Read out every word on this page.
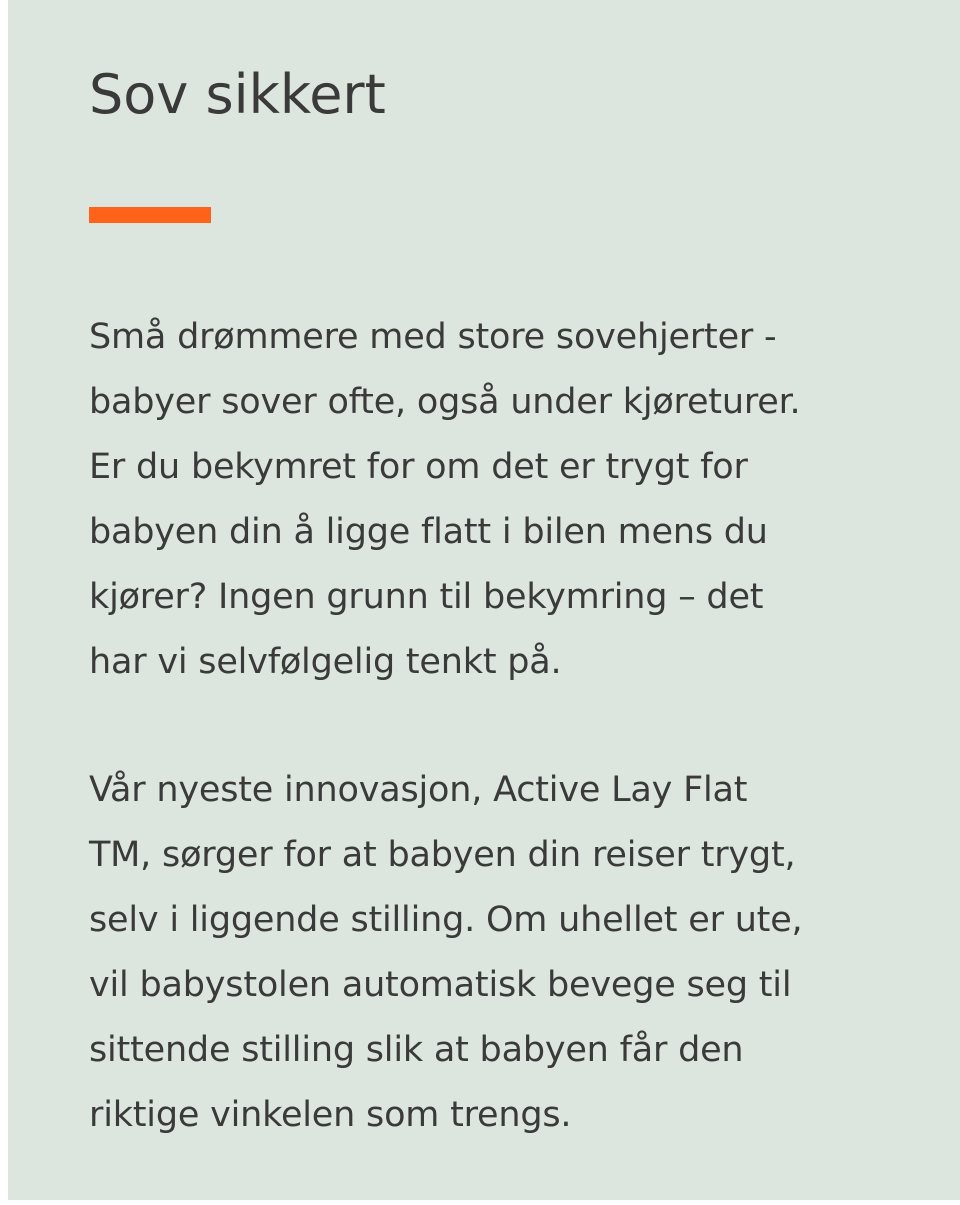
Sov sikkert

Små drømmere med store sovehjerter -
babyer sover ofte, også under kjøreturer.
Er du bekymret for om det er trygt for
babyen din å ligge flatt i bilen mens du
kjører? Ingen grunn til bekymring – det
har vi selvfølgelig tenkt på.

Vår nyeste innovasjon, Active Lay Flat
TM, sørger for at babyen din reiser trygt,
selv i liggende stilling. Om uhellet er ute,
vil babystolen automatisk bevege seg til
sittende stilling slik at babyen får den
riktige vinkelen som trengs.
